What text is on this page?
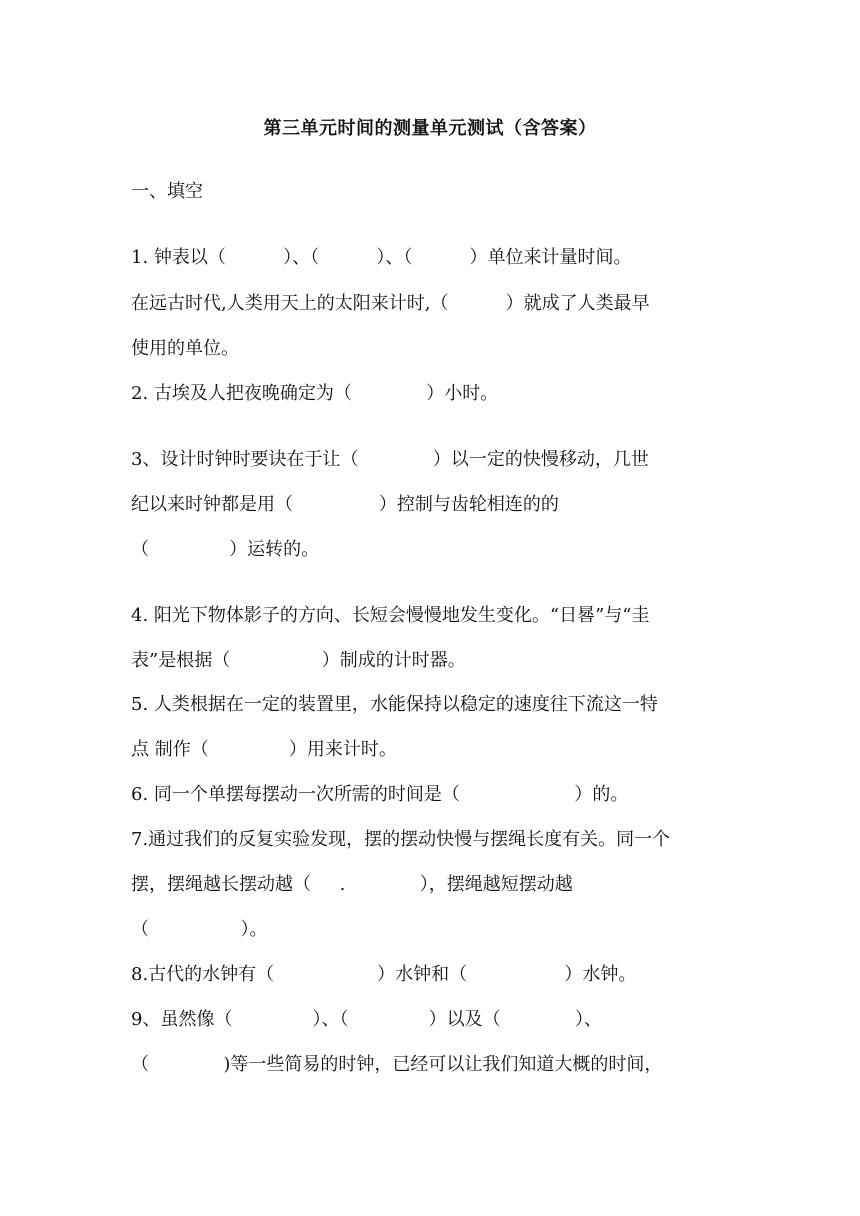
第三单元时间的测量单元测试（含答案）
一、填空
1. 钟表以（          ）、（          ）、（          ）单位来计量时间。
在远古时代,人类用天上的太阳来计时,（          ）就成了人类最早
使用的单位。
2. 古埃及人把夜晚确定为（             ）小时。
3、设计时钟时要诀在于让（             ）以一定的快慢移动，几世
纪以来时钟都是用（               ）控制与齿轮相连的的
（              ）运转的。
4. 阳光下物体影子的方向、长短会慢慢地发生变化。“日晷”与“圭
表”是根据（                ）制成的计时器。
5. 人类根据在一定的装置里，水能保持以稳定的速度往下流这一特
点 制作（              ）用来计时。
6. 同一个单摆每摆动一次所需的时间是（                    ）的。
7.通过我们的反复实验发现，摆的摆动快慢与摆绳长度有关。同一个
摆，摆绳越长摆动越（     .             ），摆绳越短摆动越
（                ）。
8.古代的水钟有（                  ）水钟和（                 ）水钟。
9、虽然像（              ）、（              ）以及（             ）、
（             )等一些简易的时钟，已经可以让我们知道大概的时间，
